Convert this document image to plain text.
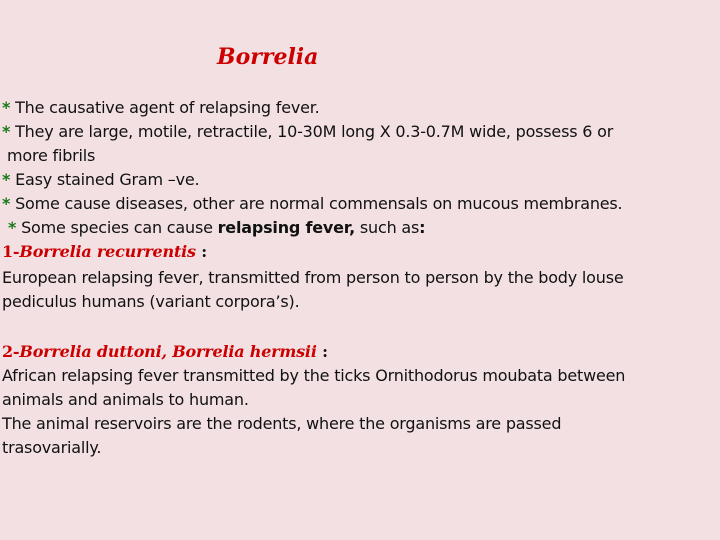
Borrelia
* The causative agent of relapsing fever.
* They are large, motile, retractile, 10-30M long X 0.3-0.7M wide, possess 6 or
more fibrils
* Easy stained Gram –ve.
* Some cause diseases, other are normal commensals on mucous membranes.
* Some species can cause relapsing fever, such as:
1-Borrelia recurrentis :
European relapsing fever, transmitted from person to person by the body louse
pediculus humans (variant corpora’s).
2-Borrelia duttoni, Borrelia hermsii :
African relapsing fever transmitted by the ticks Ornithodorus moubata between
animals and animals to human.
The animal reservoirs are the rodents, where the organisms are passed
trasovarially.
